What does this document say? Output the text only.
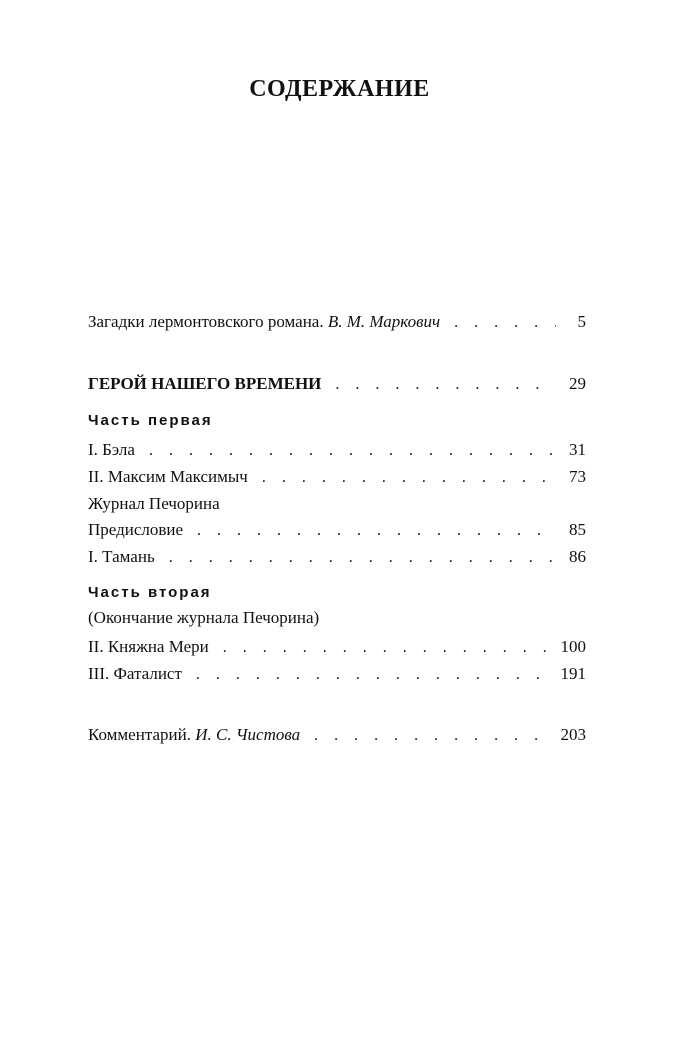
СОДЕРЖАНИЕ
Загадки лермонтовского романа. В. М. Маркович . . .	5
ГЕРОЙ НАШЕГО ВРЕМЕНИ . . .	29
Часть первая
I. Бэла . . .	31
II. Максим Максимыч . . .	73
Журнал Печорина
Предисловие . . .	85
I. Тамань . . .	86
Часть вторая
(Окончание журнала Печорина)
II. Княжна Мери . . .	100
III. Фаталист . . .	191
Комментарий. И. С. Чистова . . .	203
